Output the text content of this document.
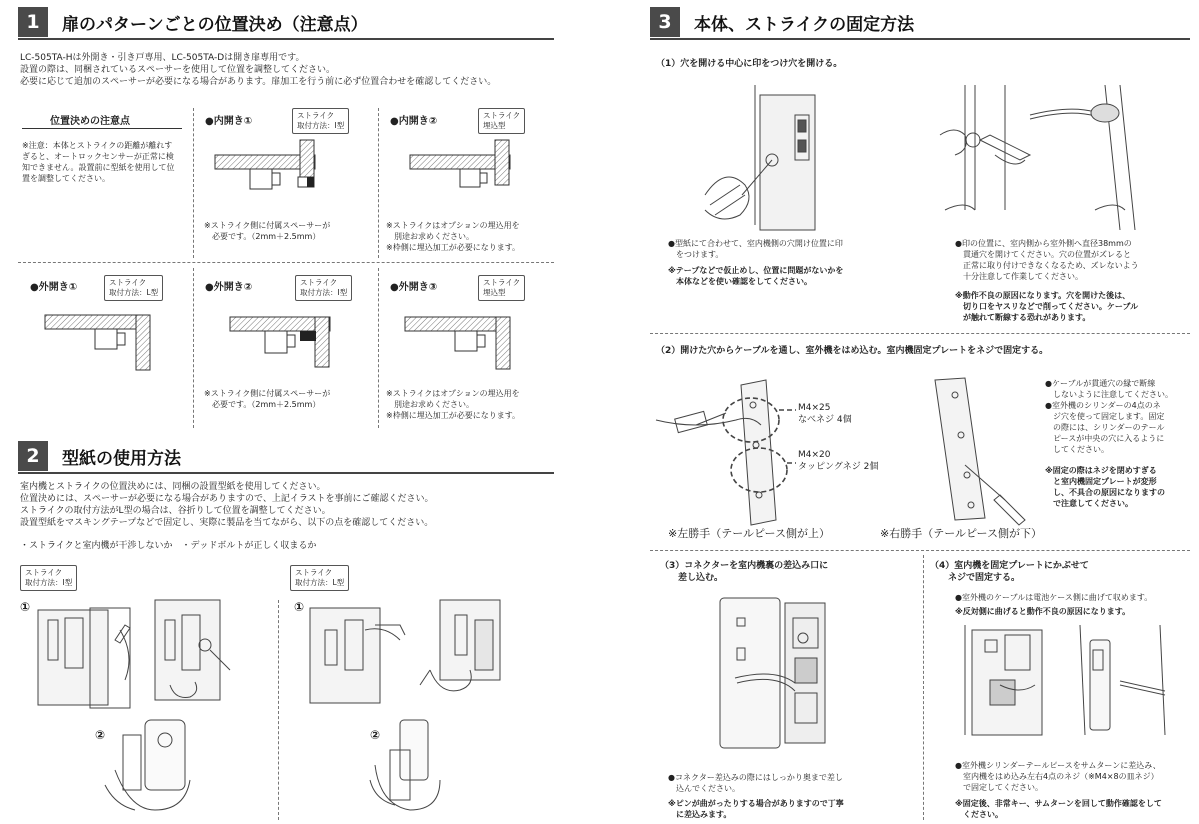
1	扉のパターンごとの位置決め（注意点）
LC-505TA-Hは外開き・引き戸専用、LC-505TA-Dは開き扉専用です。
設置の際は、同梱されているスペーサーを使用して位置を調整してください。
必要に応じて追加のスペーサーが必要になる場合があります。扉加工を行う前に必ず位置合わせを確認してください。
位置決めの注意点
※注意：本体とストライクの距離が離れすぎると、オートロックセンサーが正常に検知できません。設置前に型紙を使用して位置を調整してください。
●内開き①
ストライク
取付方法：I型
※ストライク側に付属スペーサーが
　必要です。（2mm＋2.5mm）
●内開き②
ストライク
埋込型
※ストライクはオプションの埋込用を
　別途お求めください。
※枠側に埋込加工が必要になります。
●外開き①	ストライク
取付方法：L型	●外開き②	ストライク
取付方法：I型
※ストライク側に付属スペーサーが
　必要です。（2mm＋2.5mm）
●外開き③	ストライク
埋込型
※ストライクはオプションの埋込用を
　別途お求めください。
※枠側に埋込加工が必要になります。
2	型紙の使用方法
室内機とストライクの位置決めには、同梱の設置型紙を使用してください。
位置決めには、スペーサーが必要になる場合がありますので、上記イラストを事前にご確認ください。
ストライクの取付方法がL型の場合は、谷折りして位置を調整してください。
設置型紙をマスキングテープなどで固定し、実際に製品を当てながら、以下の点を確認してください。
・ストライクと室内機が干渉しないか　・デッドボルトが正しく収まるか
ストライク
取付方法：I型
ストライク
取付方法：L型
①	①
②	②
3	本体、ストライクの固定方法
（1）穴を開ける中心に印をつけ穴を開ける。
●型紙にて合わせて、室内機側の穴開け位置に印
　をつけます。
※テープなどで仮止めし、位置に問題がないかを
　本体などを使い確認をしてください。
●印の位置に、室内側から室外側へ直径38mmの
　貫通穴を開けてください。穴の位置がズレると
　正常に取り付けできなくなるため、ズレないよう
　十分注意して作業してください。
※動作不良の原因になります。穴を開けた後は、
　切り口をヤスリなどで削ってください。ケーブル
　が触れて断線する恐れがあります。
（2）開けた穴からケーブルを通し、室外機をはめ込む。室内機固定プレートをネジで固定する。
M4×25
なべネジ 4個
M4×20
タッピングネジ 2個
●ケーブルが貫通穴の縁で断線
　しないように注意してください。
●室外機のシリンダーの4点のネ
　ジ穴を使って固定します。固定
　の際には、シリンダーのテール
　ピースが中央の穴に入るように
　してください。
※固定の際はネジを閉めすぎる
　と室内機固定プレートが変形
　し、不具合の原因になりますの
　で注意してください。
※左勝手（テールピース側が上）	※右勝手（テールピース側が下）
（3）コネクターを室内機裏の差込み口に
　　差し込む。
●コネクター差込みの際にはしっかり奥まで差し
　込んでください。
※ピンが曲がったりする場合がありますので丁寧
　に差込みます。
（4）室内機を固定プレートにかぶせて
　　ネジで固定する。
●室外機のケーブルは電池ケース側に曲げて収めます。
※反対側に曲げると動作不良の原因になります。
●室外機シリンダーテールピースをサムターンに差込み、
　室内機をはめ込み左右4点のネジ（※M4×8の皿ネジ）
　で固定してください。
※固定後、非常キー、サムターンを回して動作確認をして
　ください。
